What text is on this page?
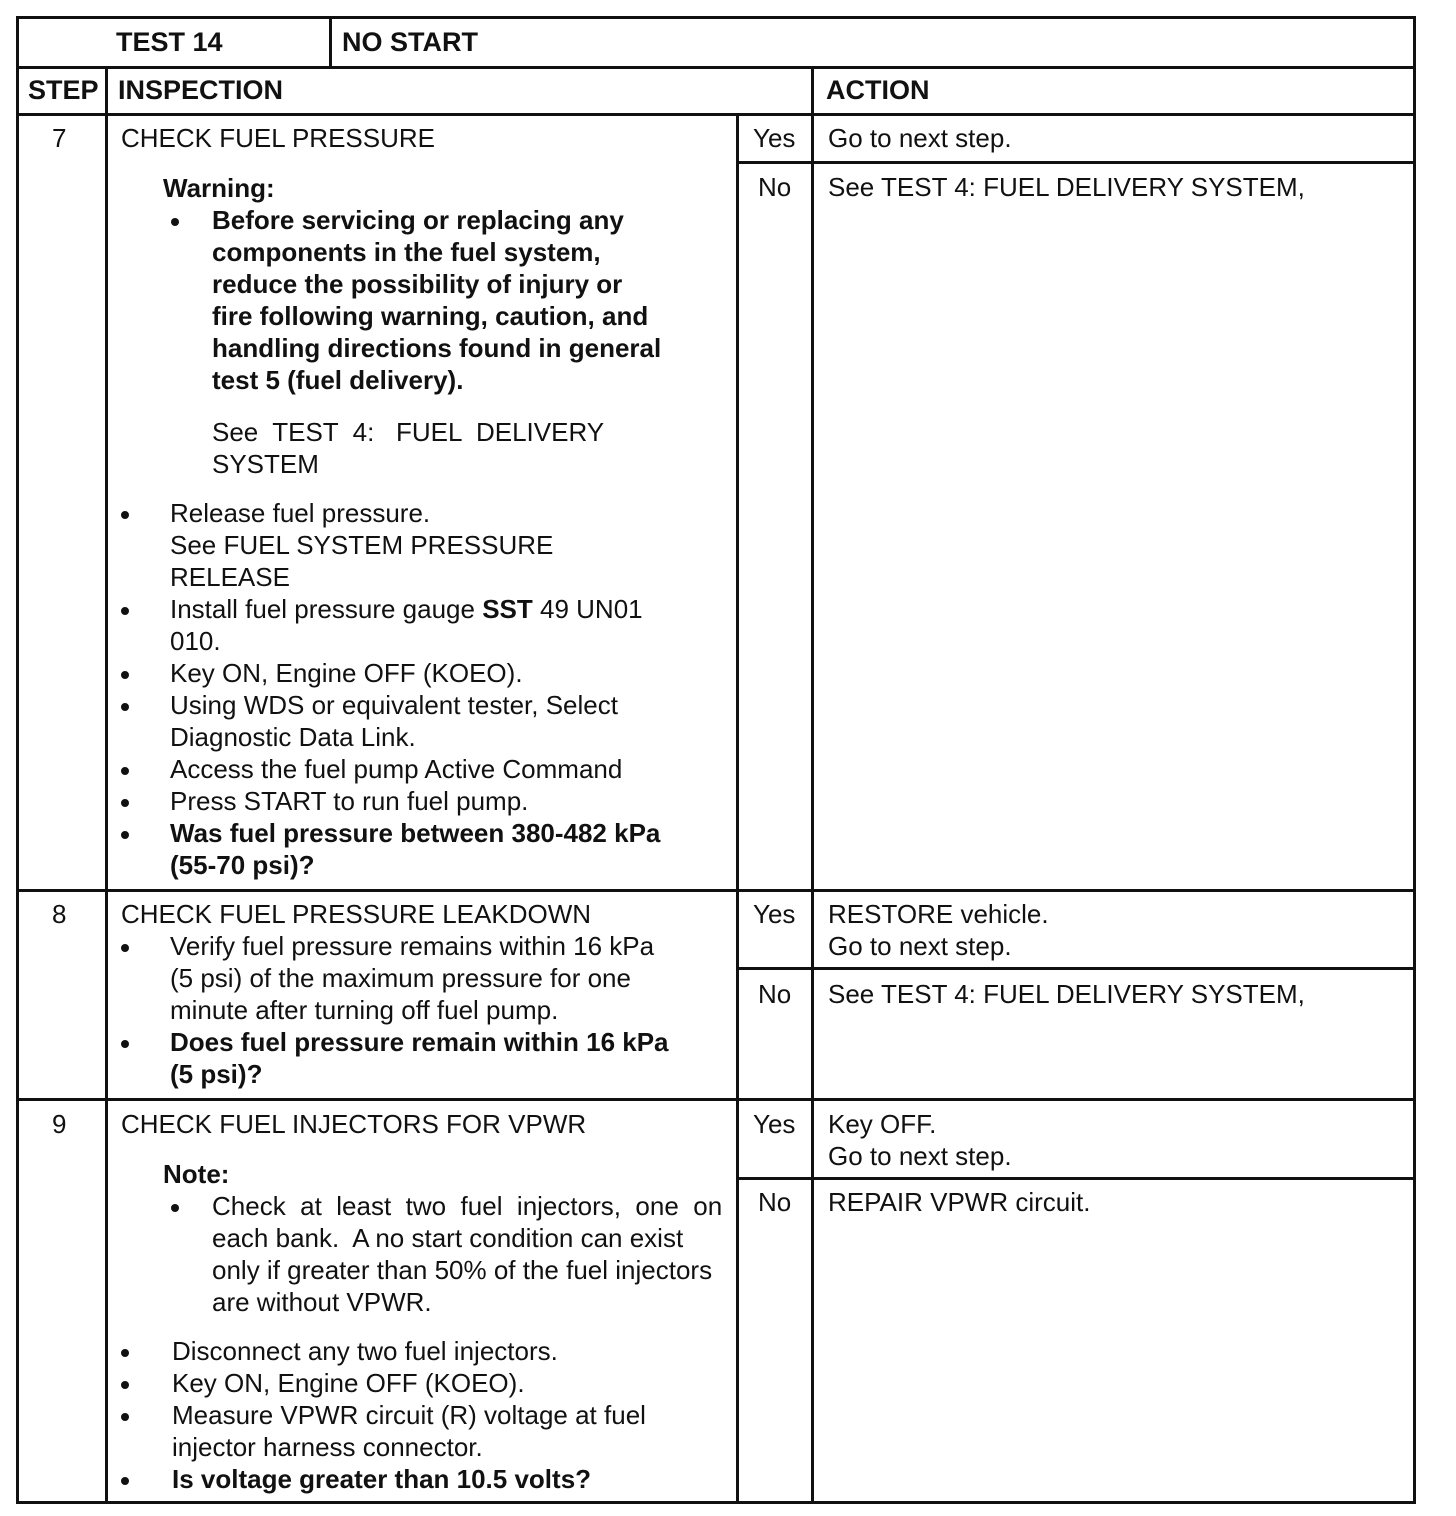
TEST 14	NO START
STEP INSPECTION	ACTION
7 CHECK FUEL PRESSURE
Warning:
Before servicing or replacing any
components in the fuel system,
reduce the possibility of injury or
fire following warning, caution, and
handling directions found in general
test 5 (fuel delivery).
See  TEST  4:   FUEL  DELIVERY
SYSTEM
Release fuel pressure.
See FUEL SYSTEM PRESSURE
RELEASE
Install fuel pressure gauge SST 49 UN01
010.
Key ON, Engine OFF (KOEO).
Using WDS or equivalent tester, Select
Diagnostic Data Link.
Access the fuel pump Active Command
Press START to run fuel pump.
Was fuel pressure between 380-482 kPa
(55-70 psi)?
Yes Go to next step.
No See TEST 4: FUEL DELIVERY SYSTEM,
8 CHECK FUEL PRESSURE LEAKDOWN
Verify fuel pressure remains within 16 kPa
(5 psi) of the maximum pressure for one
minute after turning off fuel pump.
Does fuel pressure remain within 16 kPa
(5 psi)?
Yes RESTORE vehicle.
Go to next step.
No See TEST 4: FUEL DELIVERY SYSTEM,
9 CHECK FUEL INJECTORS FOR VPWR
Note:
Check  at  least  two  fuel  injectors,  one  on
each bank.  A no start condition can exist
only if greater than 50% of the fuel injectors
are without VPWR.
Disconnect any two fuel injectors.
Key ON, Engine OFF (KOEO).
Measure VPWR circuit (R) voltage at fuel
injector harness connector.
Is voltage greater than 10.5 volts?
Yes Key OFF.
Go to next step.
No REPAIR VPWR circuit.
